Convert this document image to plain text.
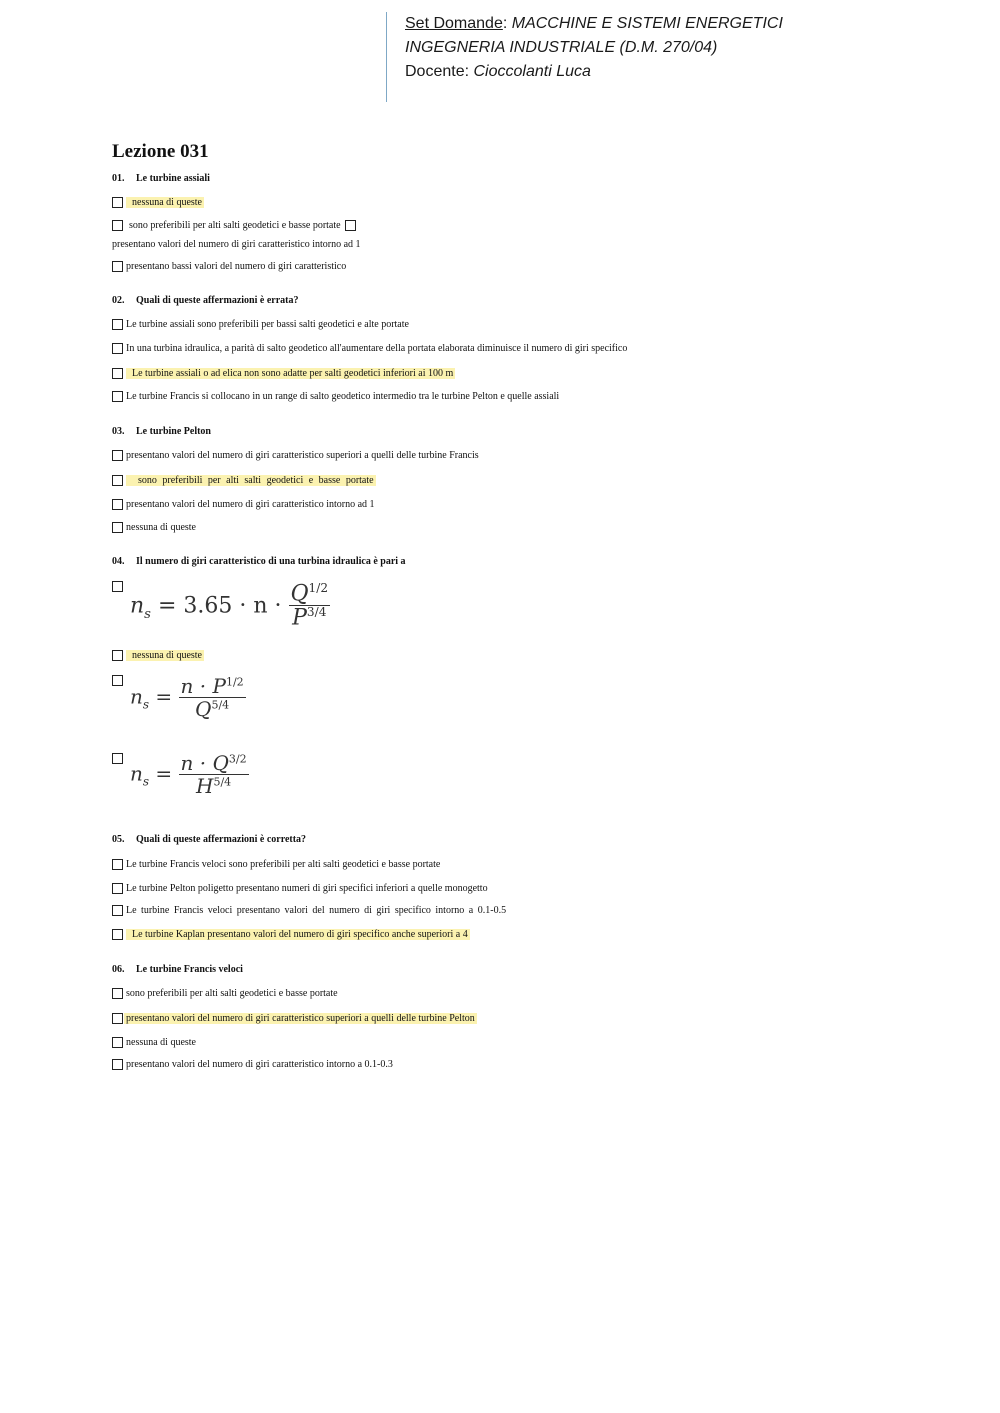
Set Domande: MACCHINE E SISTEMI ENERGETICI
INGEGNERIA INDUSTRIALE (D.M. 270/04)
Docente: Cioccolanti Luca
Lezione 031
01. Le turbine assiali
nessuna di queste
sono preferibili per alti salti geodetici e basse portate
presentano valori del numero di giri caratteristico intorno ad 1
presentano bassi valori del numero di giri caratteristico
02. Quali di queste affermazioni è errata?
Le turbine assiali sono preferibili per bassi salti geodetici e alte portate
In una turbina idraulica, a parità di salto geodetico all'aumentare della portata elaborata diminuisce il numero di giri specifico
Le turbine assiali o ad elica non sono adatte per salti geodetici inferiori ai 100 m
Le turbine Francis si collocano in un range di salto geodetico intermedio tra le turbine Pelton e quelle assiali
03. Le turbine Pelton
presentano valori del numero di giri caratteristico superiori a quelli delle turbine Francis
sono preferibili per alti salti geodetici e basse portate
presentano valori del numero di giri caratteristico intorno ad 1
nessuna di queste
04. Il numero di giri caratteristico di una turbina idraulica è pari a
$n_s = 3.65 \cdot n \cdot \frac{Q^{1/2}}{P^{3/4}}$
nessuna di queste
$n_s = \frac{n \cdot P^{1/2}}{Q^{5/4}}$
$n_s = \frac{n \cdot Q^{3/2}}{H^{5/4}}$
05. Quali di queste affermazioni è corretta?
Le turbine Francis veloci sono preferibili per alti salti geodetici e basse portate
Le turbine Pelton poligetto presentano numeri di giri specifici inferiori a quelle monogetto
Le turbine Francis veloci presentano valori del numero di giri specifico intorno a 0.1-0.5
Le turbine Kaplan presentano valori del numero di giri specifico anche superiori a 4
06. Le turbine Francis veloci
sono preferibili per alti salti geodetici e basse portate
presentano valori del numero di giri caratteristico superiori a quelli delle turbine Pelton
nessuna di queste
presentano valori del numero di giri caratteristico intorno a 0.1-0.3
